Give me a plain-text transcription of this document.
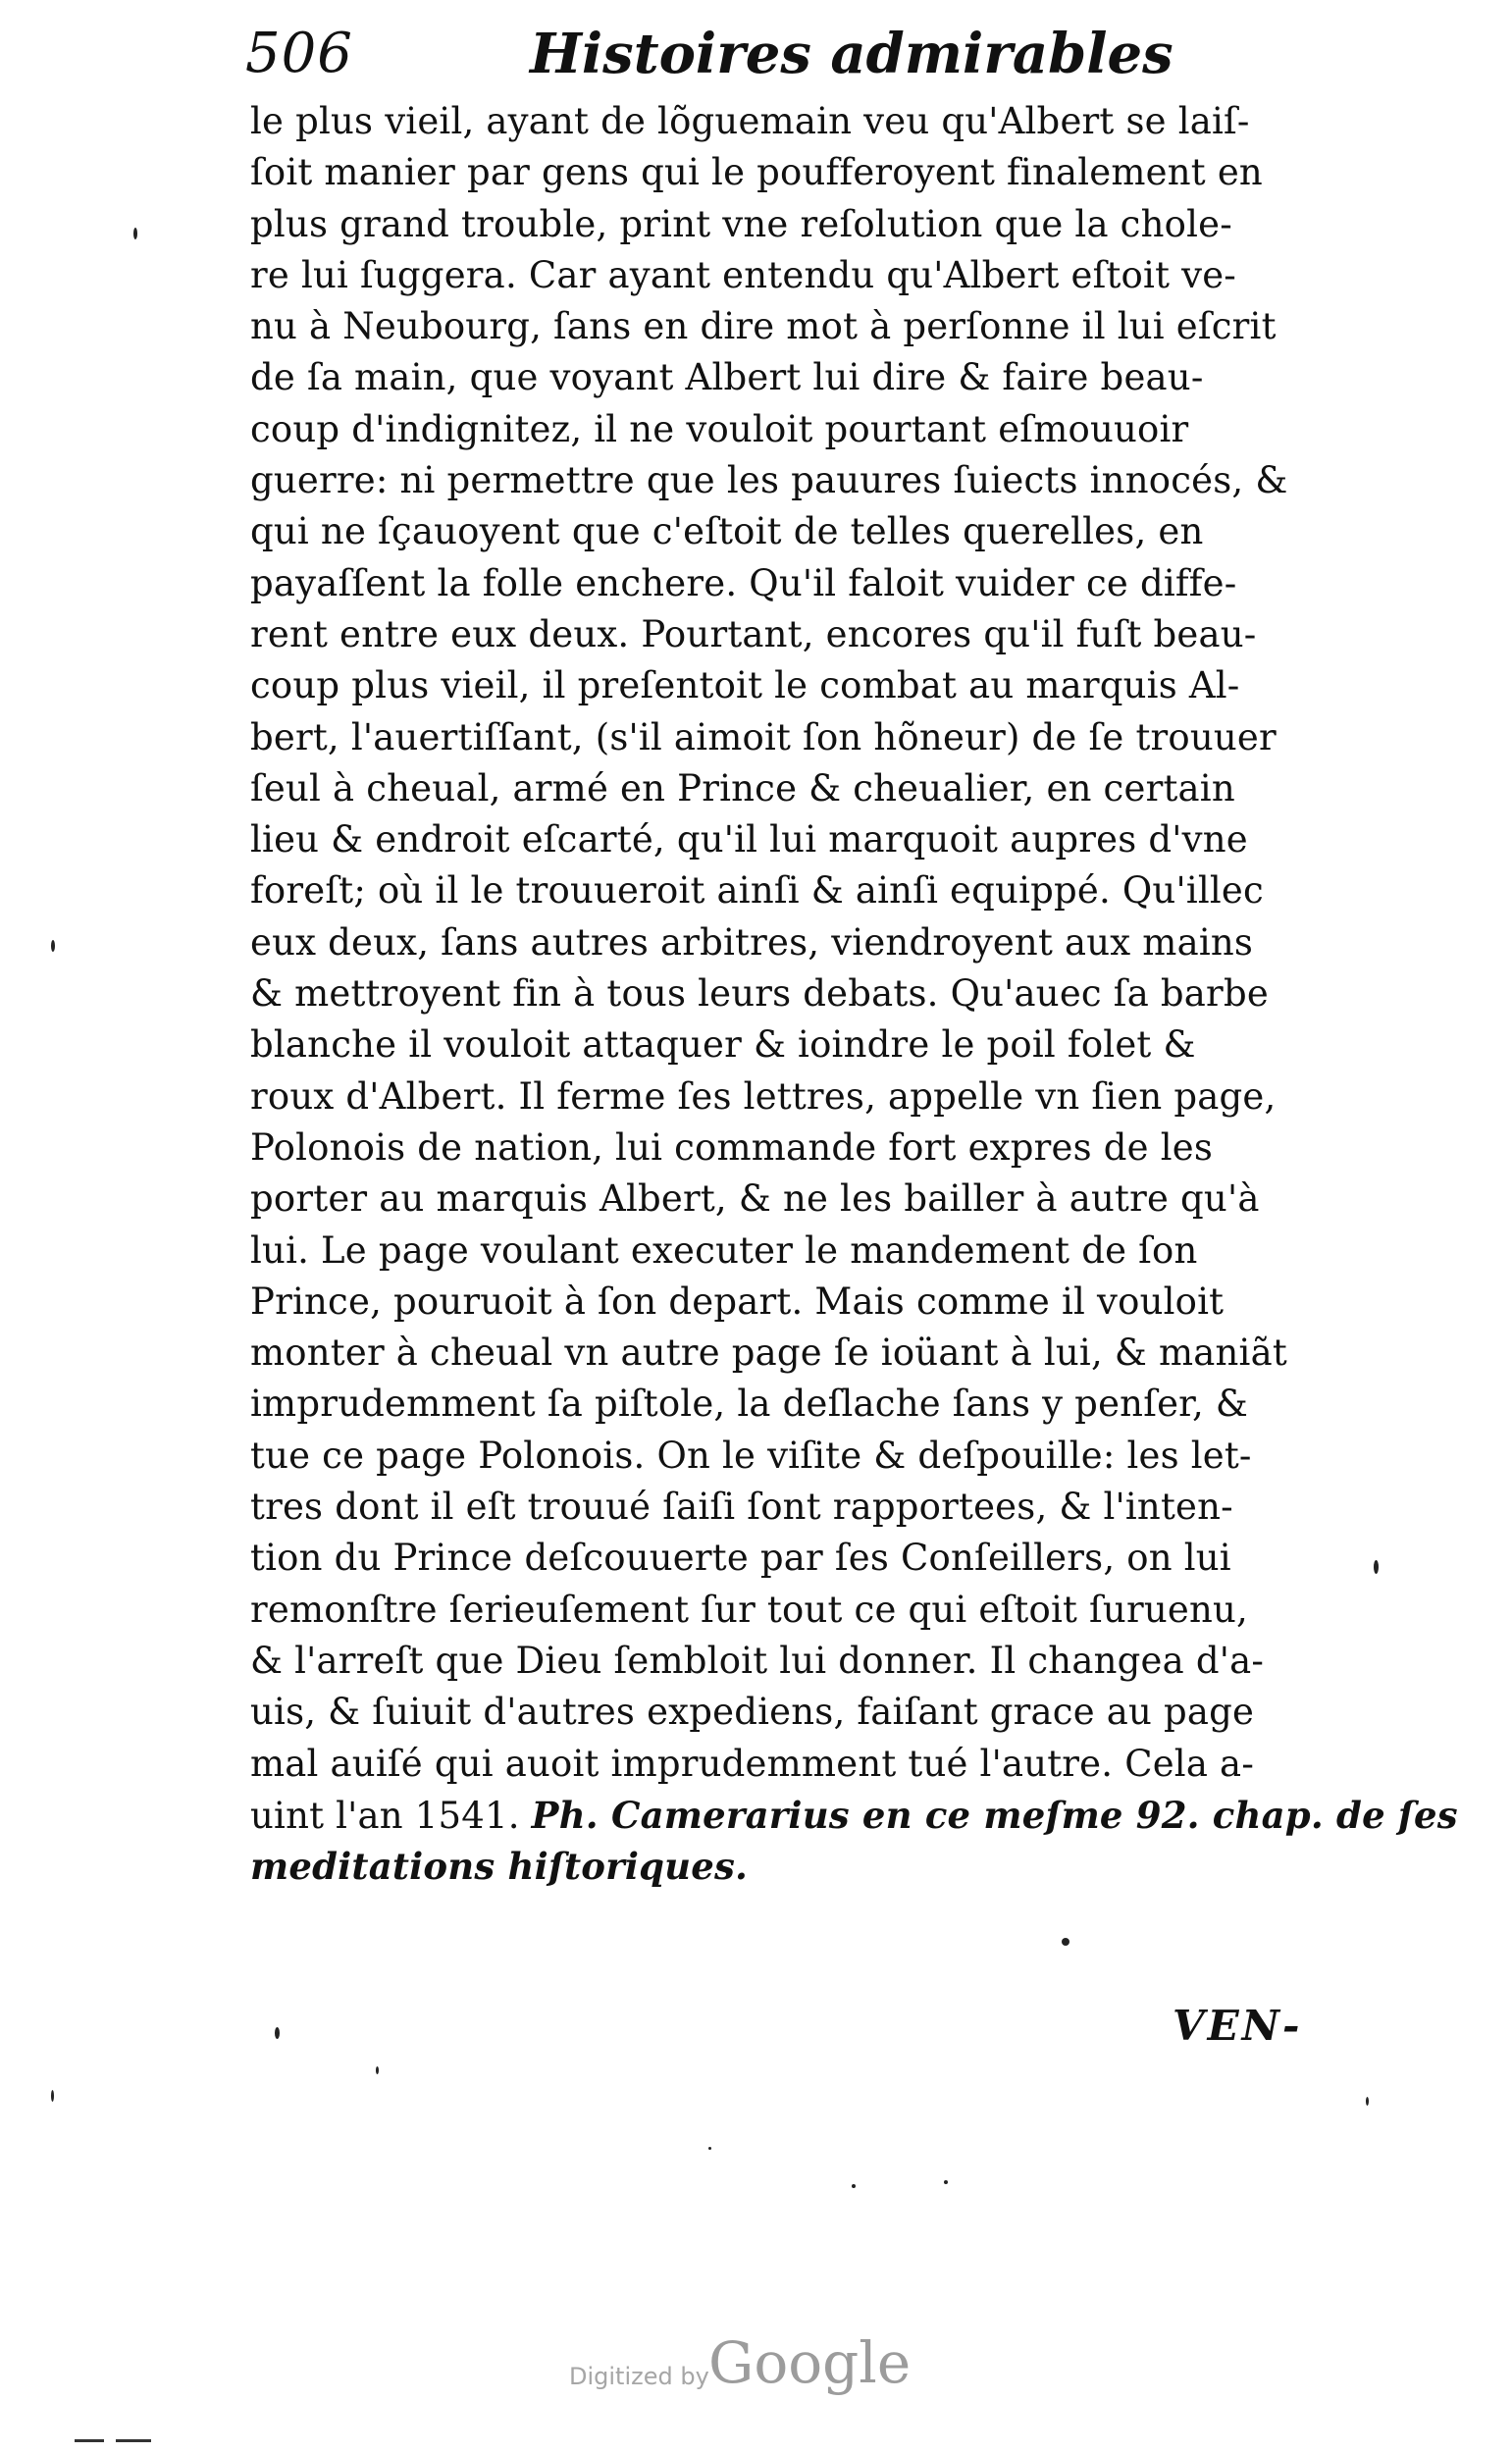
506	Histoires admirables
le plus vieil, ayant de lõguemain veu qu'Albert se laiſ-
ſoit manier par gens qui le poufferoyent finalement en
plus grand trouble, print vne reſolution que la chole-
re lui ſuggera. Car ayant entendu qu'Albert eſtoit ve-
nu à Neubourg, ſans en dire mot à perſonne il lui eſcrit
de ſa main, que voyant Albert lui dire & faire beau-
coup d'indignitez, il ne vouloit pourtant eſmouuoir
guerre: ni permettre que les pauures ſuiects innocés, &
qui ne ſçauoyent que c'eſtoit de telles querelles, en
payaſſent la folle enchere. Qu'il faloit vuider ce diffe-
rent entre eux deux. Pourtant, encores qu'il fuſt beau-
coup plus vieil, il preſentoit le combat au marquis Al-
bert, l'auertiſſant, (s'il aimoit ſon hõneur) de ſe trouuer
ſeul à cheual, armé en Prince & cheualier, en certain
lieu & endroit eſcarté, qu'il lui marquoit aupres d'vne
foreſt; où il le trouueroit ainſi & ainſi equippé. Qu'illec
eux deux, ſans autres arbitres, viendroyent aux mains
& mettroyent fin à tous leurs debats. Qu'auec ſa barbe
blanche il vouloit attaquer & ioindre le poil folet &
roux d'Albert. Il ferme ſes lettres, appelle vn ſien page,
Polonois de nation, lui commande fort expres de les
porter au marquis Albert, & ne les bailler à autre qu'à
lui. Le page voulant executer le mandement de ſon
Prince, pouruoit à ſon depart. Mais comme il vouloit
monter à cheual vn autre page ſe ioüant à lui, & maniãt
imprudemment ſa piſtole, la deſlache ſans y penſer, &
tue ce page Polonois. On le viſite & deſpouille: les let-
tres dont il eſt trouué ſaiſi ſont rapportees, & l'inten-
tion du Prince deſcouuerte par ſes Conſeillers, on lui
remonſtre ſerieuſement ſur tout ce qui eſtoit ſuruenu,
& l'arreſt que Dieu ſembloit lui donner. Il changea d'a-
uis, & ſuiuit d'autres expediens, faiſant grace au page
mal auiſé qui auoit imprudemment tué l'autre. Cela a-
uint l'an 1541. Ph. Camerarius en ce meſme 92. chap. de ſes
meditations hiſtoriques.
VEN-
Digitized by Google
